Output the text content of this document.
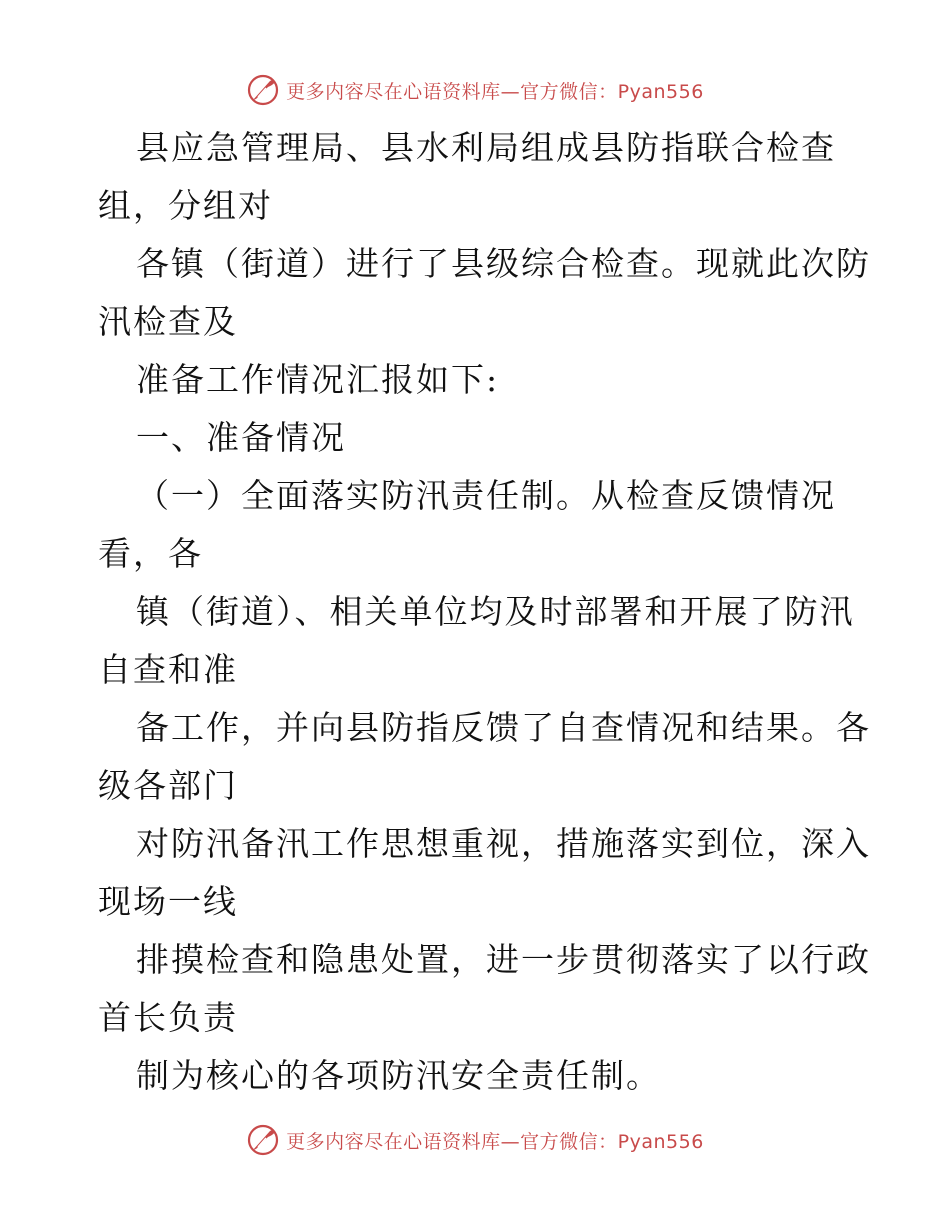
更多内容尽在心语资料库—官方微信：Pyan556
县应急管理局、县水利局组成县防指联合检查
组，分组对
各镇（街道）进行了县级综合检查。现就此次防
汛检查及
准备工作情况汇报如下:
一、准备情况
（一）全面落实防汛责任制。从检查反馈情况
看，各
镇（街道）、相关单位均及时部署和开展了防汛
自查和准
备工作，并向县防指反馈了自查情况和结果。各
级各部门
对防汛备汛工作思想重视，措施落实到位，深入
现场一线
排摸检查和隐患处置，进一步贯彻落实了以行政
首长负责
制为核心的各项防汛安全责任制。
更多内容尽在心语资料库—官方微信：Pyan556
